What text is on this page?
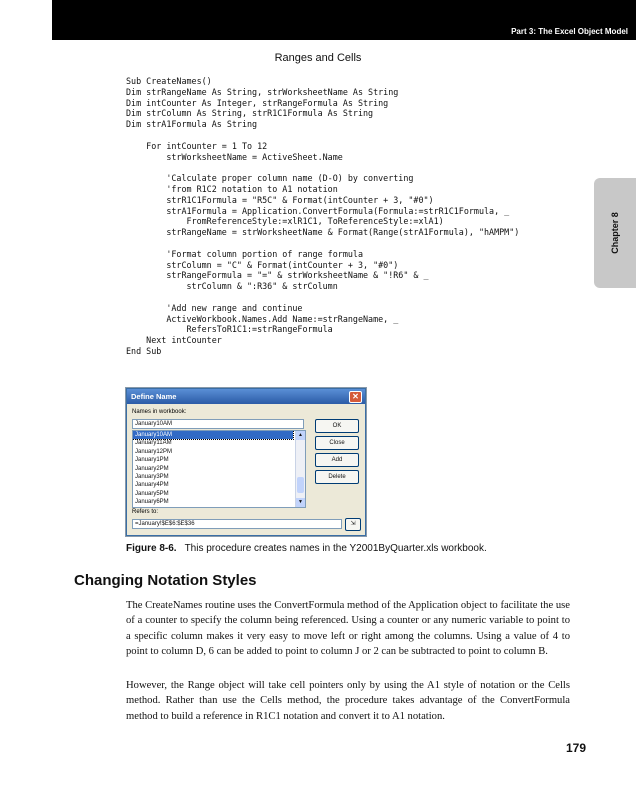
Part 3: The Excel Object Model
Chapter 8
Ranges and Cells
Sub CreateNames()
Dim strRangeName As String, strWorksheetName As String
Dim intCounter As Integer, strRangeFormula As String
Dim strColumn As String, strR1C1Formula As String
Dim strA1Formula As String
For intCounter = 1 To 12
strWorksheetName = ActiveSheet.Name
'Calculate proper column name (D-O) by converting
'from R1C2 notation to A1 notation
strR1C1Formula = "R5C" & Format(intCounter + 3, "#0")
strA1Formula = Application.ConvertFormula(Formula:=strR1C1Formula, _
FromReferenceStyle:=xlR1C1, ToReferenceStyle:=xlA1)
strRangeName = strWorksheetName & Format(Range(strA1Formula), "hAMPM")
'Format column portion of range formula
strColumn = "C" & Format(intCounter + 3, "#0")
strRangeFormula = "=" & strWorksheetName & "!R6" & _
strColumn & ":R36" & strColumn
'Add new range and continue
ActiveWorkbook.Names.Add Name:=strRangeName, _
RefersToR1C1:=strRangeFormula
Next intCounter
End Sub
Define Name	✕
Names in workbook:
January10AM
January10AM
January11AM
January12PM
January1PM
January2PM
January3PM
January4PM
January5PM
January6PM
▲
▼
OK
Close
Add
Delete
Refers to:
=January!$E$6:$E$36	⇲
Figure 8-6. This procedure creates names in the Y2001ByQuarter.xls workbook.
Changing Notation Styles

The CreateNames routine uses the ConvertFormula method of the Application object to facilitate the use of a counter to specify the column being referenced. Using a counter or any numeric variable to point to a specific column makes it very easy to move left or right among the columns. Using a value of 4 to point to column D, 6 can be added to point to column J or 2 can be subtracted to point to column B.

However, the Range object will take cell pointers only by using the A1 style of notation or the Cells method. Rather than use the Cells method, the procedure takes advantage of the ConvertFormula method to build a reference in R1C1 notation and convert it to A1 notation.

179
